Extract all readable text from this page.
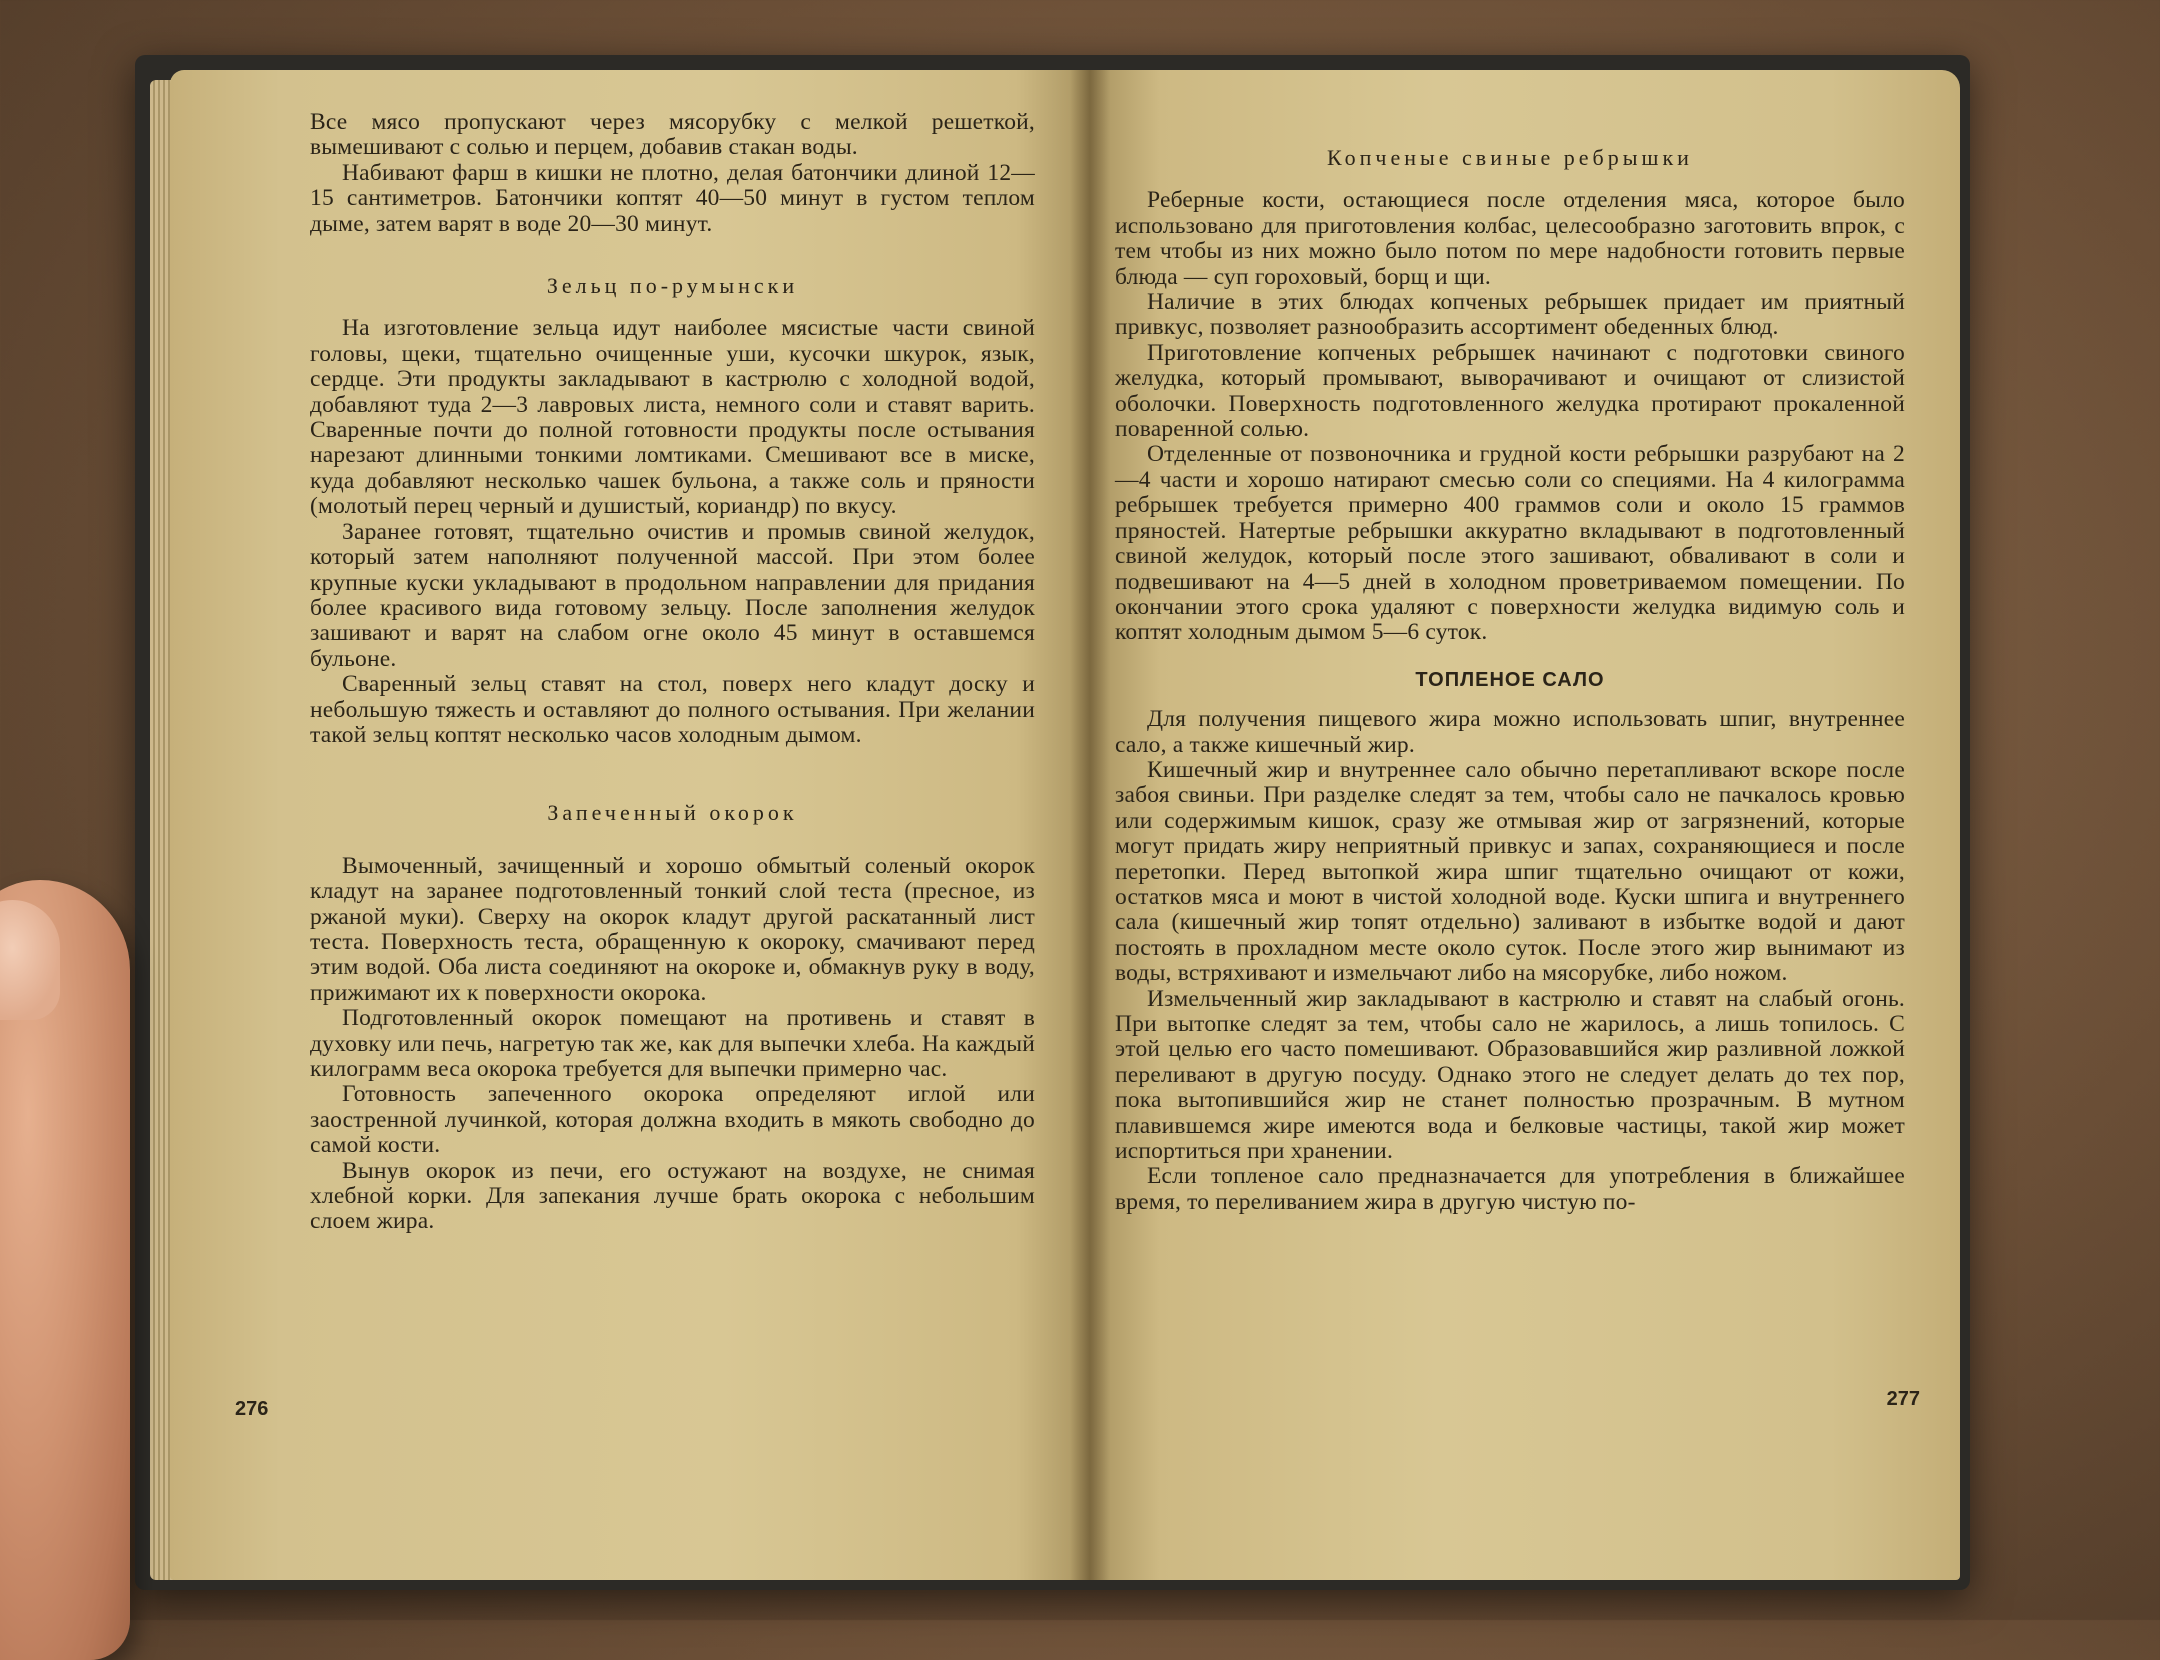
Все мясо пропускают через мясорубку с мелкой решеткой, вымешивают с солью и перцем, добавив стакан воды.

Набивают фарш в кишки не плотно, делая батончики длиной 12—15 сантиметров. Батончики коптят 40—50 минут в густом теплом дыме, затем варят в воде 20—30 минут.

Зельц по-румынски

На изготовление зельца идут наиболее мясистые части свиной головы, щеки, тщательно очищенные уши, кусочки шкурок, язык, сердце. Эти продукты закладывают в кастрюлю с холодной водой, добавляют туда 2—3 лавровых листа, немного соли и ставят варить. Сваренные почти до полной готовности продукты после остывания нарезают длинными тонкими ломтиками. Смешивают все в миске, куда добавляют несколько чашек бульона, а также соль и пряности (молотый перец черный и душистый, кориандр) по вкусу.

Заранее готовят, тщательно очистив и промыв свиной желудок, который затем наполняют полученной массой. При этом более крупные куски укладывают в продольном направлении для придания более красивого вида готовому зельцу. После заполнения желудок зашивают и варят на слабом огне около 45 минут в оставшемся бульоне.

Сваренный зельц ставят на стол, поверх него кладут доску и небольшую тяжесть и оставляют до полного остывания. При желании такой зельц коптят несколько часов холодным дымом.

Запеченный окорок

Вымоченный, зачищенный и хорошо обмытый соленый окорок кладут на заранее подготовленный тонкий слой теста (пресное, из ржаной муки). Сверху на окорок кладут другой раскатанный лист теста. Поверхность теста, обращенную к окороку, смачивают перед этим водой. Оба листа соединяют на окороке и, обмакнув руку в воду, прижимают их к поверхности окорока.

Подготовленный окорок помещают на противень и ставят в духовку или печь, нагретую так же, как для выпечки хлеба. На каждый килограмм веса окорока требуется для выпечки примерно час.

Готовность запеченного окорока определяют иглой или заостренной лучинкой, которая должна входить в мякоть свободно до самой кости.

Вынув окорок из печи, его остужают на воздухе, не снимая хлебной корки. Для запекания лучше брать окорока с небольшим слоем жира.

276
Копченые свиные ребрышки

Реберные кости, остающиеся после отделения мяса, которое было использовано для приготовления колбас, целесообразно заготовить впрок, с тем чтобы из них можно было потом по мере надобности готовить первые блюда — суп гороховый, борщ и щи.

Наличие в этих блюдах копченых ребрышек придает им приятный привкус, позволяет разнообразить ассортимент обеденных блюд.

Приготовление копченых ребрышек начинают с подготовки свиного желудка, который промывают, выворачивают и очищают от слизистой оболочки. Поверхность подготовленного желудка протирают прокаленной поваренной солью.

Отделенные от позвоночника и грудной кости ребрышки разрубают на 2—4 части и хорошо натирают смесью соли со специями. На 4 килограмма ребрышек требуется примерно 400 граммов соли и около 15 граммов пряностей. Натертые ребрышки аккуратно вкладывают в подготовленный свиной желудок, который после этого зашивают, обваливают в соли и подвешивают на 4—5 дней в холодном проветриваемом помещении. По окончании этого срока удаляют с поверхности желудка видимую соль и коптят холодным дымом 5—6 суток.

ТОПЛЕНОЕ САЛО

Для получения пищевого жира можно использовать шпиг, внутреннее сало, а также кишечный жир.

Кишечный жир и внутреннее сало обычно перетапливают вскоре после забоя свиньи. При разделке следят за тем, чтобы сало не пачкалось кровью или содержимым кишок, сразу же отмывая жир от загрязнений, которые могут придать жиру неприятный привкус и запах, сохраняющиеся и после перетопки. Перед вытопкой жира шпиг тщательно очищают от кожи, остатков мяса и моют в чистой холодной воде. Куски шпига и внутреннего сала (кишечный жир топят отдельно) заливают в избытке водой и дают постоять в прохладном месте около суток. После этого жир вынимают из воды, встряхивают и измельчают либо на мясорубке, либо ножом.

Измельченный жир закладывают в кастрюлю и ставят на слабый огонь. При вытопке следят за тем, чтобы сало не жарилось, а лишь топилось. С этой целью его часто помешивают. Образовавшийся жир разливной ложкой переливают в другую посуду. Однако этого не следует делать до тех пор, пока вытопившийся жир не станет полностью прозрачным. В мутном плавившемся жире имеются вода и белковые частицы, такой жир может испортиться при хранении.

Если топленое сало предназначается для употребления в ближайшее время, то переливанием жира в другую чистую по-

277
